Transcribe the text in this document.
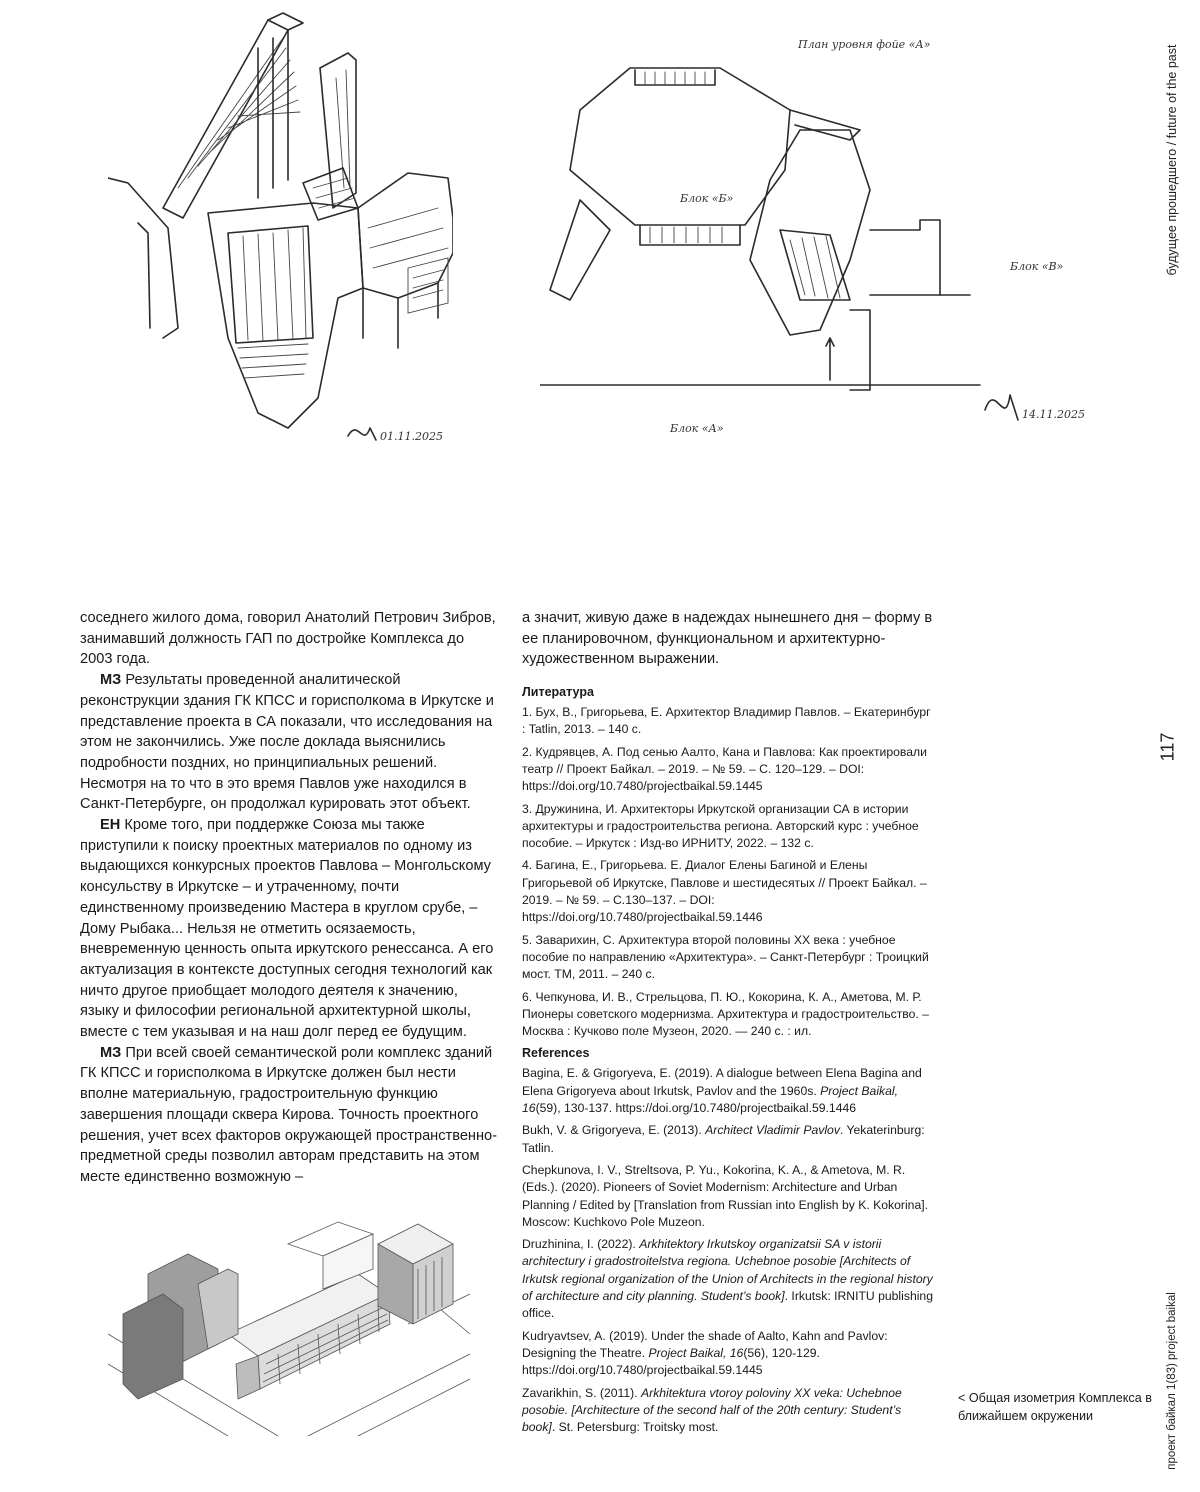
01.11.2025
План уровня фойе «А»
Блок «Б»
Блок «В»
Блок «А»
14.11.2025
будущее прошедшего / future of the past
117
проект байкал 1(83) project baikal

соседнего жилого дома, говорил Анатолий Петрович Зибров, занимавший должность ГАП по достройке Комплекса до 2003 года.

МЗ Результаты проведенной аналитической реконструкции здания ГК КПСС и горисполкома в Иркутске и представление проекта в СА показали, что исследования на этом не закончились. Уже после доклада выяснились подробности поздних, но принципиальных решений. Несмотря на то что в это время Павлов уже находился в Санкт-Петербурге, он продолжал курировать этот объект.

ЕН Кроме того, при поддержке Союза мы также приступили к поиску проектных материалов по одному из выдающихся конкурсных проектов Павлова – Монгольскому консульству в Иркутске – и утраченному, почти единственному произведению Мастера в круглом срубе, – Дому Рыбака... Нельзя не отметить осязаемость, вневременную ценность опыта иркутского ренессанса. А его актуализация в контексте доступных сегодня технологий как ничто другое приобщает молодого деятеля к значению, языку и философии региональной архитектурной школы, вместе с тем указывая и на наш долг перед ее будущим.

МЗ При всей своей семантической роли комплекс зданий ГК КПСС и горисполкома в Иркутске должен был нести вполне материальную, градостроительную функцию завершения площади сквера Кирова. Точность проектного решения, учет всех факторов окружающей пространственно-предметной среды позволил авторам представить на этом месте единственно возможную –

а значит, живую даже в надеждах нынешнего дня – форму в ее планировочном, функциональном и архитектурно-художественном выражении.

Литература

1. Бух, В., Григорьева, Е. Архитектор Владимир Павлов. – Екатеринбург : Tatlin, 2013. – 140 с.

2. Кудрявцев, А. Под сенью Аалто, Кана и Павлова: Как проектировали театр // Проект Байкал. – 2019. – № 59. – С. 120–129. – DOI: https://doi.org/10.7480/projectbaikal.59.1445

3. Дружинина, И. Архитекторы Иркутской организации СА в истории архитектуры и градостроительства региона. Авторский курс : учебное пособие. – Иркутск : Изд-во ИРНИТУ, 2022. – 132 с.

4. Багина, Е., Григорьева. Е. Диалог Елены Багиной и Елены Григорьевой об Иркутске, Павлове и шестидесятых // Проект Байкал. – 2019. – № 59. – С.130–137. – DOI: https://doi.org/10.7480/projectbaikal.59.1446

5. Заварихин, С. Архитектура второй половины XX века : учебное пособие по направлению «Архитектура». – Санкт-Петербург : Троицкий мост. ТМ, 2011. – 240 с.

6. Чепкунова, И. В., Стрельцова, П. Ю., Кокорина, К. А., Аметова, М. Р. Пионеры советского модернизма. Архитектура и градостроительство. – Москва : Кучково поле Музеон, 2020. — 240 с. : ил.

References

Bagina, E. & Grigoryeva, E. (2019). A dialogue between Elena Bagina and Elena Grigoryeva about Irkutsk, Pavlov and the 1960s. Project Baikal, 16(59), 130-137. https://doi.org/10.7480/projectbaikal.59.1446

Bukh, V. & Grigoryeva, E. (2013). Architect Vladimir Pavlov. Yekaterinburg: Tatlin.

Chepkunova, I. V., Streltsova, P. Yu., Kokorina, K. A., & Ametova, M. R. (Eds.). (2020). Pioneers of Soviet Modernism: Architecture and Urban Planning / Edited by [Translation from Russian into English by K. Kokorina]. Moscow: Kuchkovo Pole Muzeon.

Druzhinina, I. (2022). Arkhitektory Irkutskoy organizatsii SA v istorii architectury i gradostroitelstva regiona. Uchebnoe posobie [Architects of Irkutsk regional organization of the Union of Architects in the regional history of architecture and city planning. Student’s book]. Irkutsk: IRNITU publishing office.

Kudryavtsev, A. (2019). Under the shade of Aalto, Kahn and Pavlov: Designing the Theatre. Project Baikal, 16(56), 120-129. https://doi.org/10.7480/projectbaikal.59.1445

Zavarikhin, S. (2011). Arkhitektura vtoroy poloviny XX veka: Uchebnoe posobie. [Architecture of the second half of the 20th century: Student’s book]. St. Petersburg: Troitsky most.

< Общая изометрия Комплекса в ближайшем окружении
